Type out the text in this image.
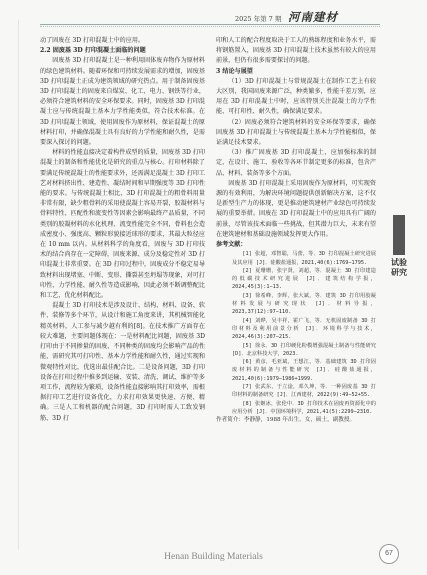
2025 年第 7 期 河南建材

动了固废在 3D 打印混凝土中的应用。

2.2 固废基 3D 打印混凝土面临的问题

固废基 3D 打印混凝土是一种利用固体废弃物作为原材料的绿色建筑材料。随着环保和可持续发展需求的增加，固废基 3D 打印混凝土正成为建筑领域的研究热点。用于制备固废基 3D 打印混凝土的固废来自煤炭、化工、电力、钢铁等行业，必须符合建筑材料的安全环保要求。同时，固废基 3D 打印混凝土应与传统混凝土基本力学性能类似，符合技术标准。在 3D 打印混凝土领域，使用固废作为原材料，保证混凝土的原材料打印，并确保混凝土具有良好的力学性能和耐久性，是需要深入探讨的问题。

材料的性能直接决定着构件成型的质量，固废基 3D 打印混凝土的制备和性能优化是研究的重点与核心。打印材料除了要满足传统混凝土的性能要求外，还需满足混凝土 3D 打印工艺对材料挤出性、建造性、凝结时间和早期强度等 3D 打印性能的要求。与传统混凝土相比，3D 打印混凝土的粗骨料用量非常有限，缺少粗骨料的采用使混凝土容易开裂，胶凝材料与骨料特性、匹配性和流变性等因素会影响最终产品质量，不同类别的胶凝材料的水化机理、流变性能完全不同，骨料也会造成密度小、强度高、颗粒形貌接近球形的要求，其最大粒径应在 10 mm 以内。从材料科学的角度看，固废与 3D 打印技术的结合尚存在一定障碍，固废来源、成分及稳定性对 3D 打印混凝土非常重要。在 3D 打印过程中，固废成分不稳定易导致材料出现堵塞、中断、变形、撕裂甚至坍塌等现象，对可打印性、力学性能、耐久性等造成影响，因此必须不断调整配比和工艺，优化材料配比。

混凝土 3D 打印技术是涉及设计、结构、材料、设备、软件、装修等多个环节，从设计和施工角度来讲，其机械智能化精英材料，人工参与减少越有利的[8]。在技术推广方面存在较大难题，主要问题体现在：一是材料配比问题，固废基 3D 打印由于不同掺量的固废，不同种类的固废均会影响产品的性能，需研究其可打印性、基本力学性能和耐久性，通过实现和微观特性对比，优选出最佳配合比。二是设备问题，3D 打印设备在打印过程中推多到运输、安装、清洗、调试、维护等多项工作，流程较为繁琐，设备性能直接影响其打印效率，需根据打印工艺进行设备优化，力求打印效果更快速、方便、精确。三是人工和机器的配合问题，3D 打印时需人工致发钢筋、3D 打

印和人工的配合程度取决于工人的熟练程度和业务水平，需将钢筋置入，固废基 3D 打印混凝土技术虽然有较大的应用前景，但仍有很多需要探讨的问题。

3 结论与展望

（1）3D 打印混凝土与常规混凝土在制作工艺上有较大区别，我国固废来源广泛，种类繁多，性能千差万别，应用在 3D 打印混凝土中时，应该特别关注混凝土的力学性能、可打印性、耐久性，确保满足要求。

（2）固废必须符合建筑材料的安全环保等要求，确保固废基 3D 打印混凝土与传统混凝土基本力学性能相似，保证满足技术要求。

（3）推广固废基 3D 打印混凝土，应加强标准的制定，在设计、施工、验收等各环节制定更多的标准，包含产品、材料、装备等多个方面。

固废基 3D 打印混凝土采用固废作为原材料，可实现资源的有效利用，为解决环境问题提供创新解决方案，这不仅是新型生产力的体现，更是推动建筑建材产业绿色可持续发展的重要举措。固废在 3D 打印混凝土中的应用具有广阔的前景，尽管该技术面临一些挑战，但其潜力巨大，未来有望在建筑建材和基础设施领域发挥更大作用。

参考文献：

[1] 张超，邓智聪，马蕾，等．3D 打印混凝土研究进展及其应用 [J]．硅酸盐通报，2021,40(6):1769−1795.

[2] 夏珊珊，张宇贤，刘超，等．混凝土 3D 打印建造的低碳技术研究进展 [J]．建筑结构学报，2024,45(3):1−13.

[3] 徐希峰，李辉，张大斌，等．建筑 3D 打印用胶凝材料发展与研究现状 [J]．材料导报，2023,37(12):97−110.

[4] 刘晔，吴丰祥，霍广飞，等．无机固废制备 3D 打印材料及利用前景分析 [J]．环境科学与技术，2024,46(3):207−215.

[5] 徐永．3D 打印硬化粉模增强混凝土制备与性能研究 [D]．北京科技大学，2023.

[6] 黄彦，毛亚斌，王想江，等．基础建筑 3D 打印固废材料的制备与性能研究 [J]．硅酸盐通报，2021,40(6):1979−1986+1999.

[7] 张武东，于立淦，邓久坤，等．一种固废基 3D 打印材料的制备研究 [J]．江西建材，2022(9):49−52+55.

[8] 张姬冰，张伦中．3D 打印技术在固废再资源化中的应用分析 [J]．中国环境科学，2021,41(5):2299−2310.

作者简介：李静静，1988 年出生，女，硕士，副教授。

试验研究
Henan Building Materials	67
